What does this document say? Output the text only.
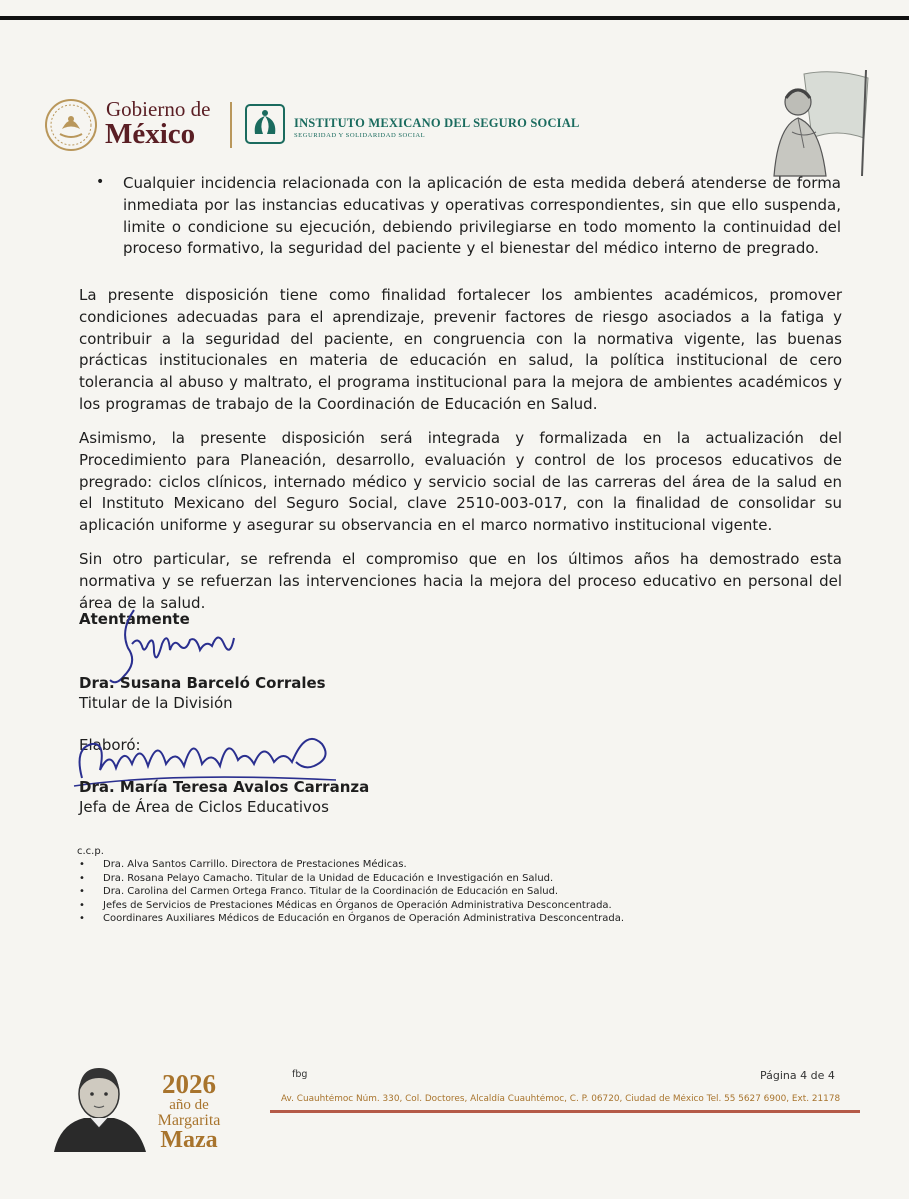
Gobierno de
México	INSTITUTO MEXICANO DEL SEGURO SOCIAL
SEGURIDAD Y SOLIDARIDAD SOCIAL
• Cualquier incidencia relacionada con la aplicación de esta medida deberá atenderse de forma inmediata por las instancias educativas y operativas correspondientes, sin que ello suspenda, limite o condicione su ejecución, debiendo privilegiarse en todo momento la continuidad del proceso formativo, la seguridad del paciente y el bienestar del médico interno de pregrado.
La presente disposición tiene como finalidad fortalecer los ambientes académicos, promover condiciones adecuadas para el aprendizaje, prevenir factores de riesgo asociados a la fatiga y contribuir a la seguridad del paciente, en congruencia con la normativa vigente, las buenas prácticas institucionales en materia de educación en salud, la política institucional de cero tolerancia al abuso y maltrato, el programa institucional para la mejora de ambientes académicos y los programas de trabajo de la Coordinación de Educación en Salud.
Asimismo, la presente disposición será integrada y formalizada en la actualización del Procedimiento para Planeación, desarrollo, evaluación y control de los procesos educativos de pregrado: ciclos clínicos, internado médico y servicio social de las carreras del área de la salud en el Instituto Mexicano del Seguro Social, clave 2510-003-017, con la finalidad de consolidar su aplicación uniforme y asegurar su observancia en el marco normativo institucional vigente.
Sin otro particular, se refrenda el compromiso que en los últimos años ha demostrado esta normativa y se refuerzan las intervenciones hacia la mejora del proceso educativo en personal del área de la salud.
Atentamente
Dra. Susana Barceló Corrales
Titular de la División
Elaboró:
Dra. María Teresa Avalos Carranza
Jefa de Área de Ciclos Educativos
c.c.p.
• Dra. Alva Santos Carrillo. Directora de Prestaciones Médicas.
• Dra. Rosana Pelayo Camacho. Titular de la Unidad de Educación e Investigación en Salud.
• Dra. Carolina del Carmen Ortega Franco. Titular de la Coordinación de Educación en Salud.
• Jefes de Servicios de Prestaciones Médicas en Órganos de Operación Administrativa Desconcentrada.
• Coordinares Auxiliares Médicos de Educación en Órganos de Operación Administrativa Desconcentrada.
2026
año de
Margarita
Maza
fbg	Página 4 de 4
Av. Cuauhtémoc Núm. 330, Col. Doctores, Alcaldía Cuauhtémoc, C. P. 06720, Ciudad de México Tel. 55 5627 6900, Ext. 21178
